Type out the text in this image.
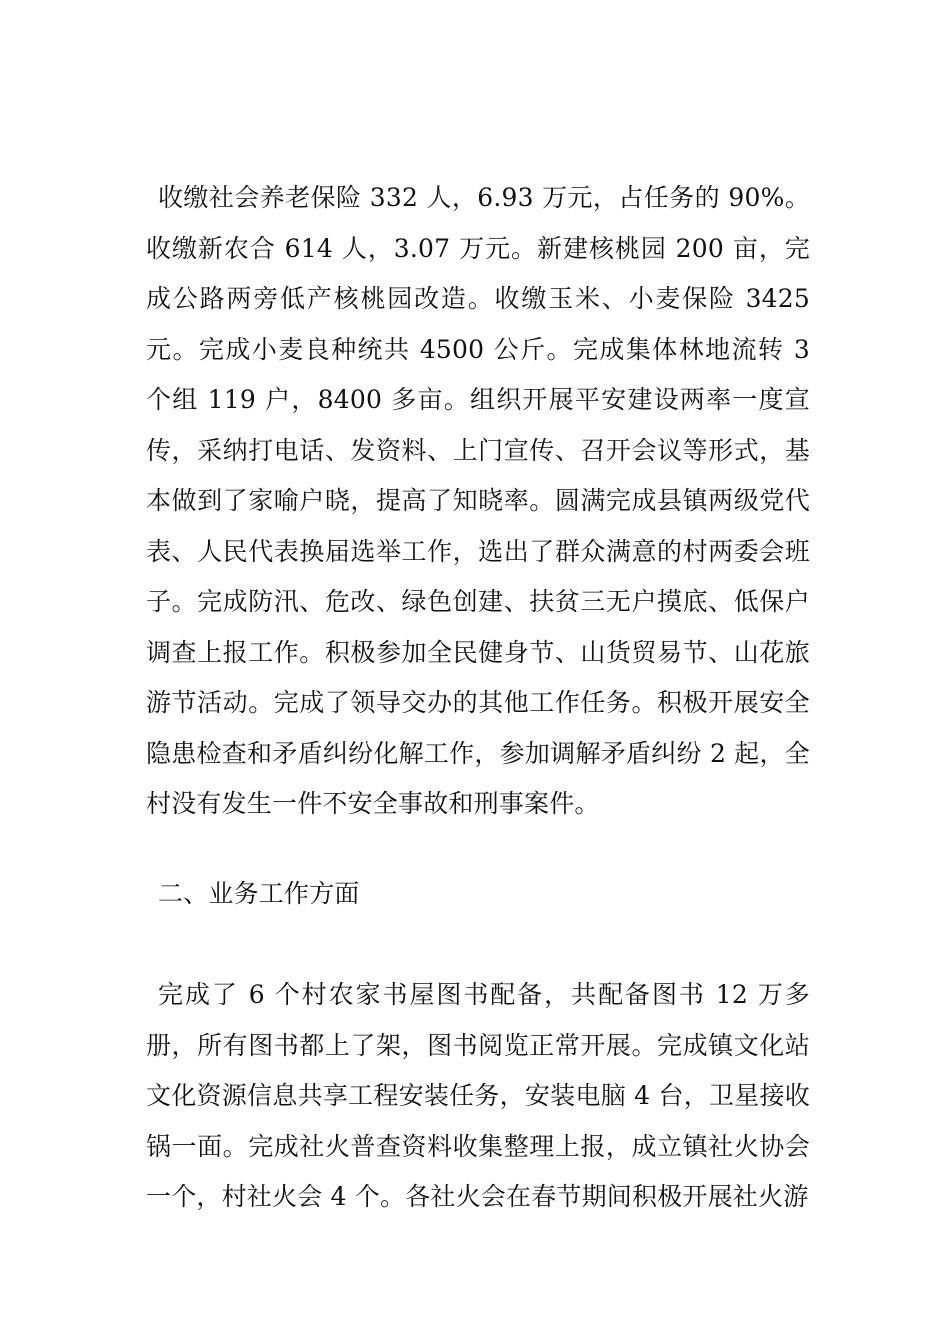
收缴社会养老保险 332 人，6.93 万元，占任务的 90%。收缴新农合 614 人，3.07 万元。新建核桃园 200 亩，完成公路两旁低产核桃园改造。收缴玉米、小麦保险 3425 元。完成小麦良种统共 4500 公斤。完成集体林地流转 3 个组 119 户，8400 多亩。组织开展平安建设两率一度宣传，采纳打电话、发资料、上门宣传、召开会议等形式，基本做到了家喻户晓，提高了知晓率。圆满完成县镇两级党代表、人民代表换届选举工作，选出了群众满意的村两委会班子。完成防汛、危改、绿色创建、扶贫三无户摸底、低保户调查上报工作。积极参加全民健身节、山货贸易节、山花旅游节活动。完成了领导交办的其他工作任务。积极开展安全隐患检查和矛盾纠纷化解工作，参加调解矛盾纠纷 2 起，全村没有发生一件不安全事故和刑事案件。

二、业务工作方面

完成了 6 个村农家书屋图书配备，共配备图书 12 万多册，所有图书都上了架，图书阅览正常开展。完成镇文化站文化资源信息共享工程安装任务，安装电脑 4 台，卫星接收锅一面。完成社火普查资料收集整理上报，成立镇社火协会一个，村社火会 4 个。各社火会在春节期间积极开展社火游
